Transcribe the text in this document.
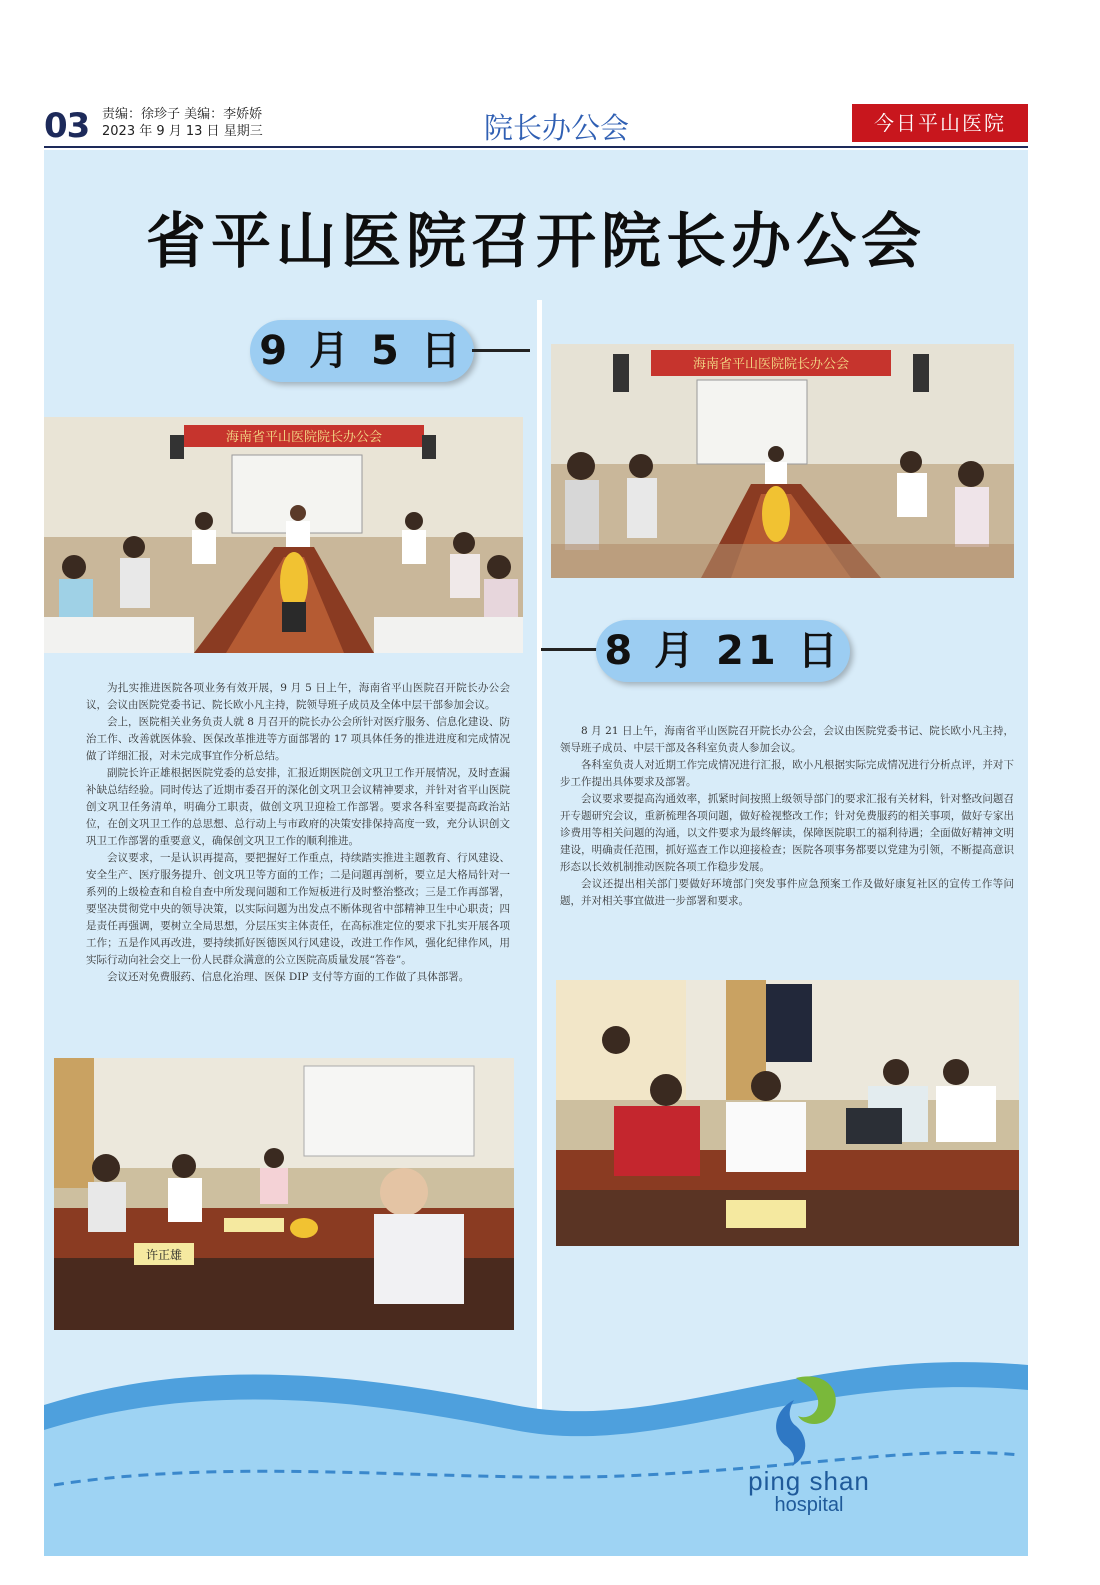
03 责编：徐珍子 美编：李娇娇
2023 年 9 月 13 日 星期三	院长办公会	今日平山医院
省平山医院召开院长办公会
9 月 5 日
8 月 21 日
海南省平山医院院长办公会
海南省平山医院院长办公会

为扎实推进医院各项业务有效开展，9 月 5 日上午，海南省平山医院召开院长办公会议，会议由医院党委书记、院长欧小凡主持，院领导班子成员及全体中层干部参加会议。

会上，医院相关业务负责人就 8 月召开的院长办公会所针对医疗服务、信息化建设、防治工作、改善就医体验、医保改革推进等方面部署的 17 项具体任务的推进进度和完成情况做了详细汇报，对未完成事宜作分析总结。

副院长许正雄根据医院党委的总安排，汇报近期医院创文巩卫工作开展情况，及时查漏补缺总结经验。同时传达了近期市委召开的深化创文巩卫会议精神要求，并针对省平山医院创文巩卫任务清单，明确分工职责，做创文巩卫迎检工作部署。要求各科室要提高政治站位，在创文巩卫工作的总思想、总行动上与市政府的决策安排保持高度一致，充分认识创文巩卫工作部署的重要意义，确保创文巩卫工作的顺利推进。

会议要求，一是认识再提高，要把握好工作重点，持续踏实推进主题教育、行风建设、安全生产、医疗服务提升、创文巩卫等方面的工作；二是问题再剖析，要立足大格局针对一系列的上级检查和自检自查中所发现问题和工作短板进行及时整治整改；三是工作再部署，要坚决贯彻党中央的领导决策，以实际问题为出发点不断体现省中部精神卫生中心职责；四是责任再强调，要树立全局思想，分层压实主体责任，在高标准定位的要求下扎实开展各项工作；五是作风再改进，要持续抓好医德医风行风建设，改进工作作风，强化纪律作风，用实际行动向社会交上一份人民群众满意的公立医院高质量发展“答卷”。

会议还对免费服药、信息化治理、医保 DIP 支付等方面的工作做了具体部署。

8 月 21 日上午，海南省平山医院召开院长办公会，会议由医院党委书记、院长欧小凡主持，领导班子成员、中层干部及各科室负责人参加会议。

各科室负责人对近期工作完成情况进行汇报，欧小凡根据实际完成情况进行分析点评，并对下步工作提出具体要求及部署。

会议要求要提高沟通效率，抓紧时间按照上级领导部门的要求汇报有关材料，针对整改问题召开专题研究会议，重新梳理各项问题，做好检视整改工作；针对免费服药的相关事项，做好专家出诊费用等相关问题的沟通，以文件要求为最终解读，保障医院职工的福利待遇；全面做好精神文明建设，明确责任范围，抓好巡查工作以迎接检查；医院各项事务都要以党建为引领，不断提高意识形态以长效机制推动医院各项工作稳步发展。

会议还提出相关部门要做好环境部门突发事件应急预案工作及做好康复社区的宣传工作等问题，并对相关事宜做进一步部署和要求。

许正雄
ping shan
hospital
